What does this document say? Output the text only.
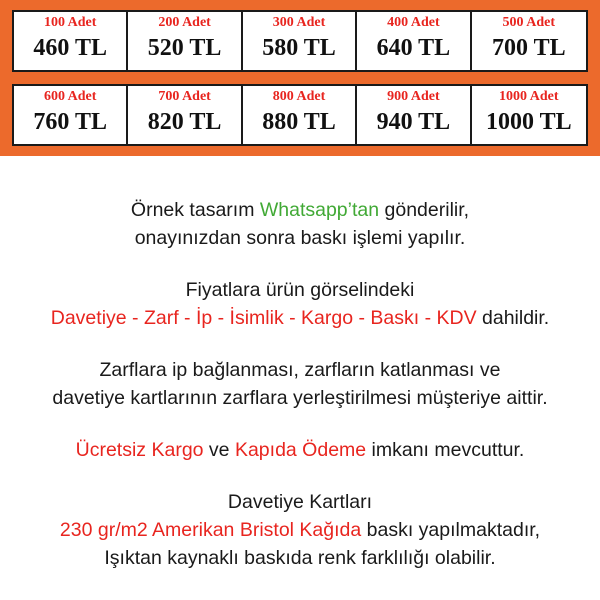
100 Adet
460 TL
200 Adet
520 TL
300 Adet
580 TL
400 Adet
640 TL
500 Adet
700 TL
600 Adet
760 TL
700 Adet
820 TL
800 Adet
880 TL
900 Adet
940 TL
1000 Adet
1000 TL

Örnek tasarım Whatsapp’tan gönderilir,

onayınızdan sonra baskı işlemi yapılır.

Fiyatlara ürün görselindeki

Davetiye - Zarf - İp - İsimlik - Kargo - Baskı - KDV dahildir.

Zarflara ip bağlanması, zarfların katlanması ve

davetiye kartlarının zarflara yerleştirilmesi müşteriye aittir.

Ücretsiz Kargo ve Kapıda Ödeme imkanı mevcuttur.

Davetiye Kartları

230 gr/m2 Amerikan Bristol Kağıda baskı yapılmaktadır,

Işıktan kaynaklı baskıda renk farklılığı olabilir.
